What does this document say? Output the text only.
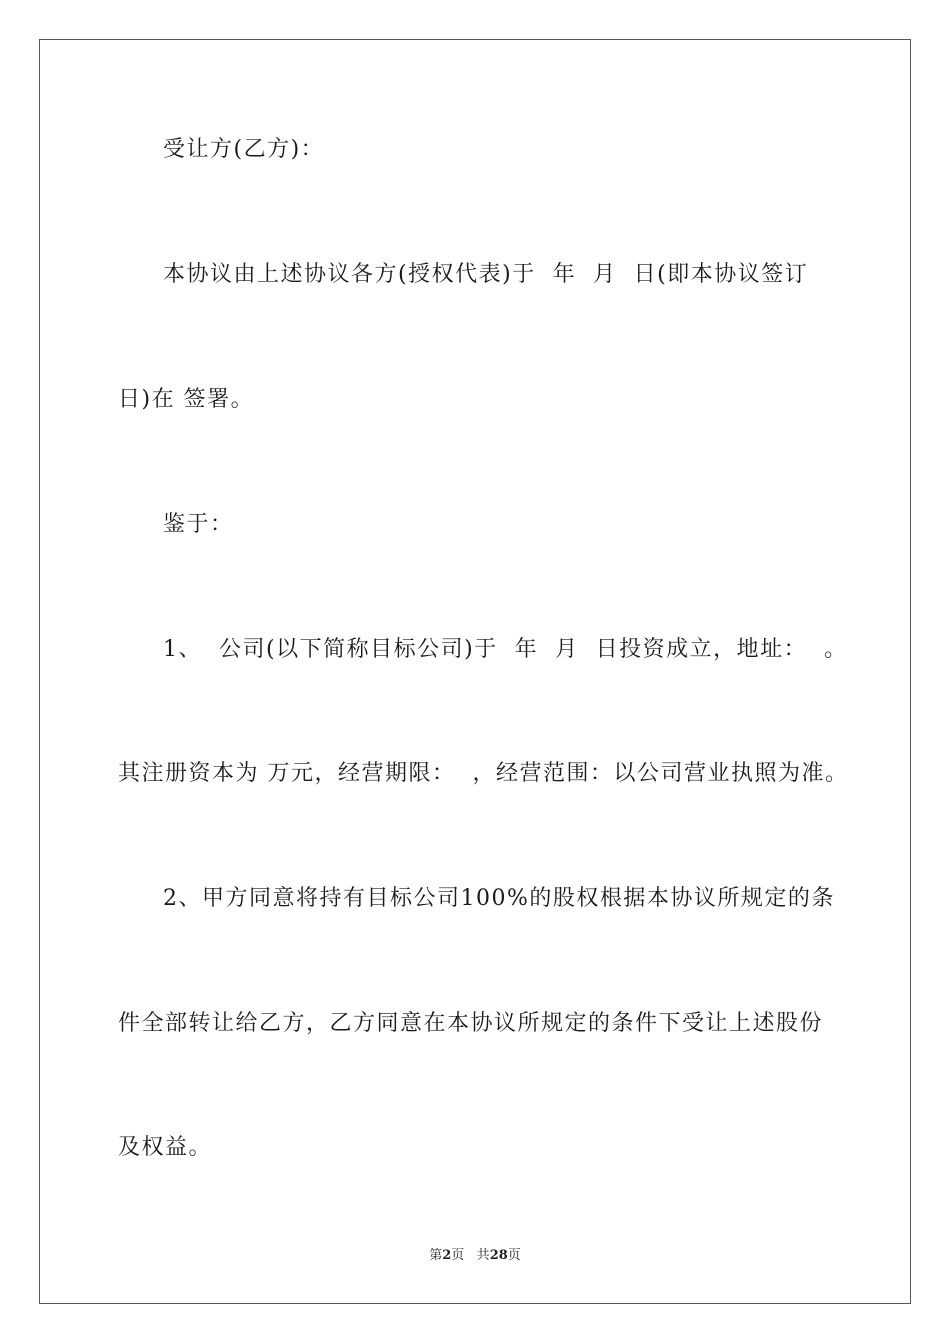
受让方(乙方)：
本协议由上述协议各方(授权代表)于  年  月  日(即本协议签订
日)在 签署。
鉴于：
1、  公司(以下简称目标公司)于  年  月  日投资成立，地址：  。
其注册资本为 万元，经营期限：  ，经营范围：以公司营业执照为准。
2、甲方同意将持有目标公司100%的股权根据本协议所规定的条
件全部转让给乙方，乙方同意在本协议所规定的条件下受让上述股份
及权益。
第2页 共28页
